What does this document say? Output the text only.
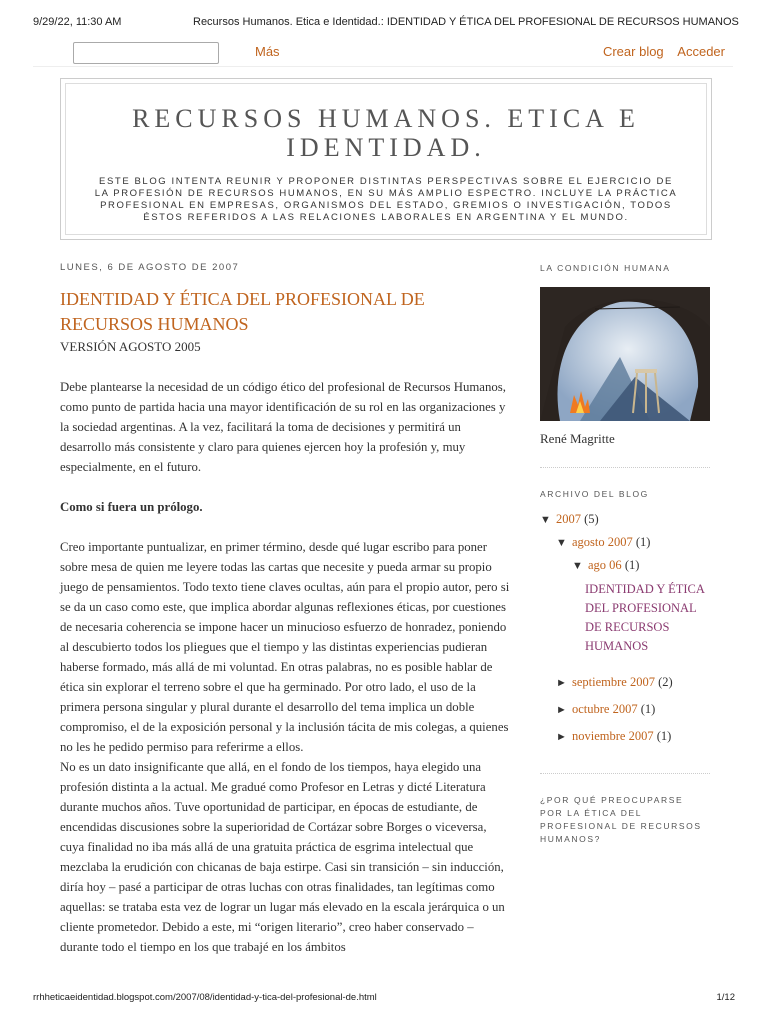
9/29/22, 11:30 AM	Recursos Humanos. Etica e Identidad.: IDENTIDAD Y ÉTICA DEL PROFESIONAL DE RECURSOS HUMANOS
Más	Crear blog Acceder
RECURSOS HUMANOS. ETICA E IDENTIDAD.
ESTE BLOG INTENTA REUNIR Y PROPONER DISTINTAS PERSPECTIVAS SOBRE EL EJERCICIO DE LA PROFESIÓN DE RECURSOS HUMANOS, EN SU MÁS AMPLIO ESPECTRO. INCLUYE LA PRÁCTICA PROFESIONAL EN EMPRESAS, ORGANISMOS DEL ESTADO, GREMIOS O INVESTIGACIÓN, TODOS ÉSTOS REFERIDOS A LAS RELACIONES LABORALES EN ARGENTINA Y EL MUNDO.
LUNES, 6 DE AGOSTO DE 2007
IDENTIDAD Y ÉTICA DEL PROFESIONAL DE RECURSOS HUMANOS

VERSIÓN AGOSTO 2005

Debe plantearse la necesidad de un código ético del profesional de Recursos Humanos, como punto de partida hacia una mayor identificación de su rol en las organizaciones y la sociedad argentinas. A la vez, facilitará la toma de decisiones y permitirá un desarrollo más consistente y claro para quienes ejercen hoy la profesión y, muy especialmente, en el futuro.

Como si fuera un prólogo.

Creo importante puntualizar, en primer término, desde qué lugar escribo para poner sobre mesa de quien me leyere todas las cartas que necesite y pueda armar su propio juego de pensamientos. Todo texto tiene claves ocultas, aún para el propio autor, pero si se da un caso como este, que implica abordar algunas reflexiones éticas, por cuestiones de necesaria coherencia se impone hacer un minucioso esfuerzo de honradez, poniendo al descubierto todos los pliegues que el tiempo y las distintas experiencias pudieran haberse formado, más allá de mi voluntad. En otras palabras, no es posible hablar de ética sin explorar el terreno sobre el que ha germinado. Por otro lado, el uso de la primera persona singular y plural durante el desarrollo del tema implica un doble compromiso, el de la exposición personal y la inclusión tácita de mis colegas, a quienes no les he pedido permiso para referirme a ellos.

No es un dato insignificante que allá, en el fondo de los tiempos, haya elegido una profesión distinta a la actual. Me gradué como Profesor en Letras y dicté Literatura durante muchos años. Tuve oportunidad de participar, en épocas de estudiante, de encendidas discusiones sobre la superioridad de Cortázar sobre Borges o viceversa, cuya finalidad no iba más allá de una gratuita práctica de esgrima intelectual que mezclaba la erudición con chicanas de baja estirpe. Casi sin transición – sin inducción, diría hoy – pasé a participar de otras luchas con otras finalidades, tan legítimas como aquellas: se trataba esta vez de lograr un lugar más elevado en la escala jerárquica o un cliente prometedor. Debido a este, mi “origen literario”, creo haber conservado – durante todo el tiempo en los que trabajé en los ámbitos

LA CONDICIÓN HUMANA
René Magritte
ARCHIVO DEL BLOG
▼ 2007 (5)
▼ agosto 2007 (1)
▼ ago 06 (1)
IDENTIDAD Y ÉTICA DEL PROFESIONAL DE RECURSOS HUMANOS
► septiembre 2007 (2)
► octubre 2007 (1)
► noviembre 2007 (1)
¿POR QUÉ PREOCUPARSE POR LA ÉTICA DEL PROFESIONAL DE RECURSOS HUMANOS?
rrhheticaeidentidad.blogspot.com/2007/08/identidad-y-tica-del-profesional-de.html	1/12
